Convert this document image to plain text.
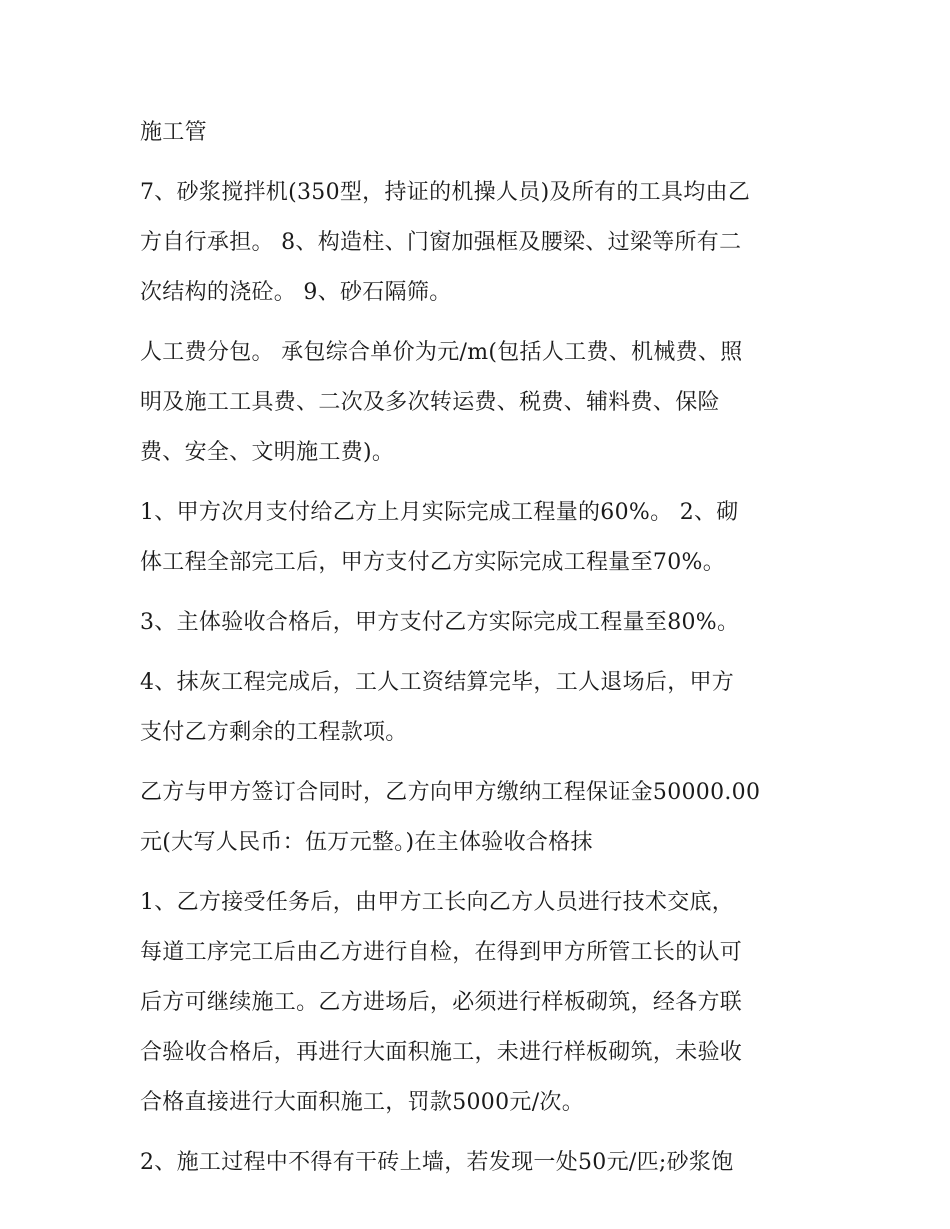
施工管

7、砂浆搅拌机(350型，持证的机操人员)及所有的工具均由乙
方自行承担。 8、构造柱、门窗加强框及腰梁、过梁等所有二
次结构的浇砼。 9、砂石隔筛。

人工费分包。 承包综合单价为元/m(包括人工费、机械费、照
明及施工工具费、二次及多次转运费、税费、辅料费、保险
费、安全、文明施工费)。

1、甲方次月支付给乙方上月实际完成工程量的60%。 2、砌
体工程全部完工后，甲方支付乙方实际完成工程量至70%。

3、主体验收合格后，甲方支付乙方实际完成工程量至80%。

4、抹灰工程完成后，工人工资结算完毕，工人退场后，甲方
支付乙方剩余的工程款项。

乙方与甲方签订合同时，乙方向甲方缴纳工程保证金50000.00
元(大写人民币：伍万元整。)在主体验收合格抹

1、乙方接受任务后，由甲方工长向乙方人员进行技术交底，
每道工序完工后由乙方进行自检，在得到甲方所管工长的认可
后方可继续施工。乙方进场后，必须进行样板砌筑，经各方联
合验收合格后，再进行大面积施工，未进行样板砌筑，未验收
合格直接进行大面积施工，罚款5000元/次。

2、施工过程中不得有干砖上墙，若发现一处50元/匹;砂浆饱
